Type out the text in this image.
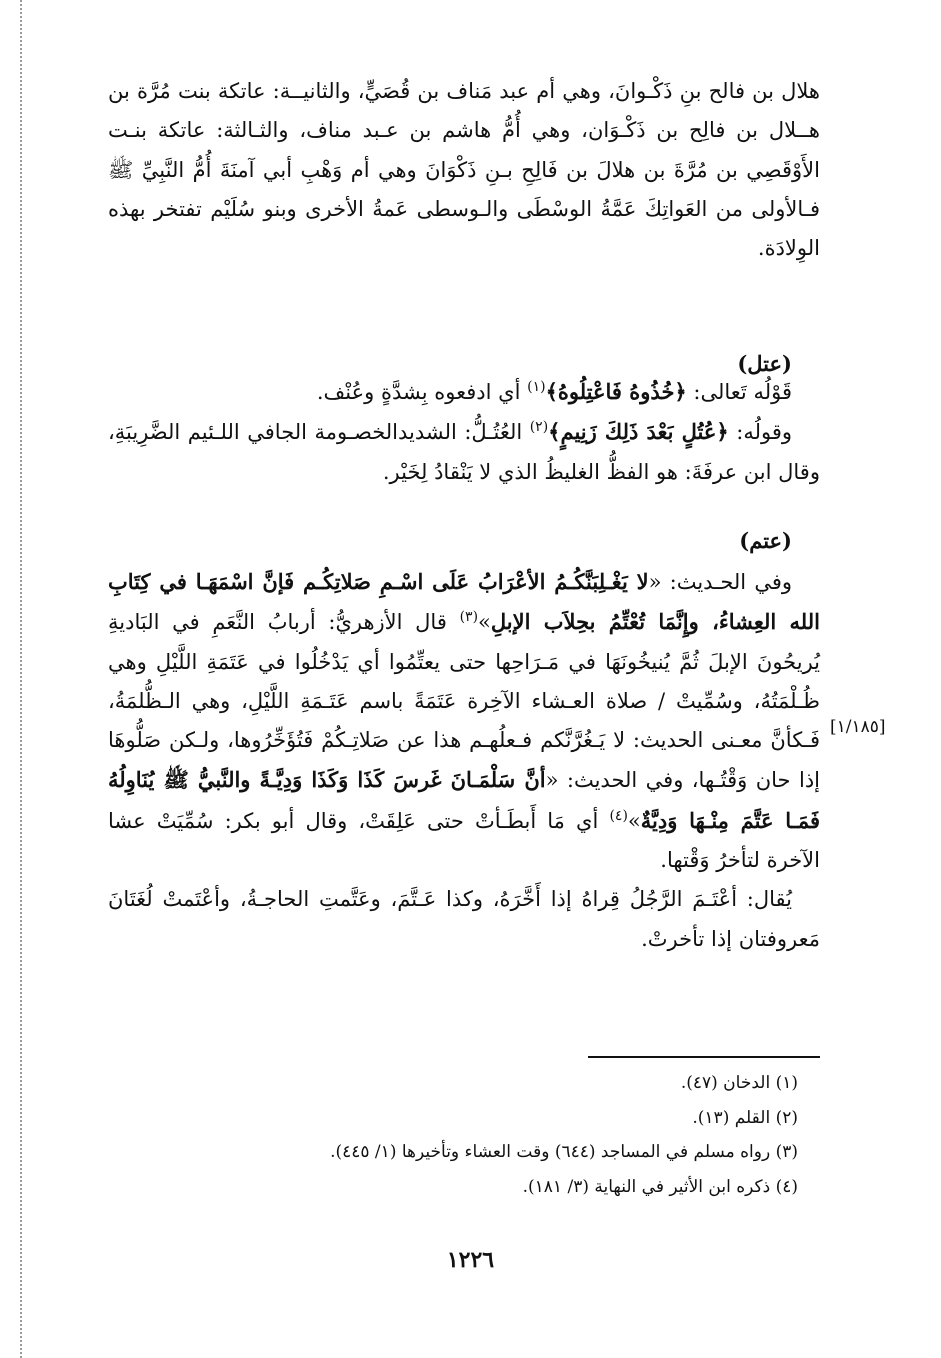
هلال بن فالح بنِ ذَكْـوانَ، وهي أم عبد مَناف بن قُصَيٍّ، والثانيــة: عاتكة بنت مُرَّة بن هــلال بن فالِح بن ذَكْـوَان، وهي أُمُّ هاشم بن عـبد مناف، والثـالثة: عاتكة بنـت الأَوْقَصِي بن مُرَّةَ بن هلالَ بن فَالِحِ بـنِ ذَكْوَانَ وهي أم وَهْبِ أبي آمنَةَ أُمُّ النَّبِيِّ ﷺ فـالأولى من العَواتِكَ عَمَّةُ الوسْطَى والـوسطى عَمةُ الأخرى وبنو سُلَيْم تفتخر بهذه الوِلادَة.

(عتل)

قَوْلُه تَعالى: ﴿خُذُوهُ فَاعْتِلُوهُ﴾$^{(١)}$ أي ادفعوه بِشدَّةٍ وعُنْف.

وقولُه: ﴿عُتُلٍ بَعْدَ ذَلِكَ زَنِيمٍ﴾$^{(٢)}$ العُتُـلُّ: الشديدالخصـومة الجافي اللـئيم الضَّرِيبَةِ، وقال ابن عرفَةَ: هو الفظُّ الغليظُ الذي لا يَنْقادُ لِخَيْر.

(عتم)

وفي الحـديث: «لا يَغْـلِبَنَّكُـمُ الأعْرَابُ عَلَى اسْـمِ صَلاتِكُـم فَإنَّ اسْمَهَـا في كِتَابِ الله العِشاءُ، وإِنَّمَا تُعْتِّمُ بحِلاَب الإبلِ»$^{(٣)}$ قال الأزهريُّ: أربابُ النَّعَمِ في البَاديةِ يُريحُونَ الإبلَ ثُمَّ يُنيخُونَهَا في مَـرَاحِها حتى يعتِّمُوا أي يَدْخُلُوا في عَتَمَةِ اللَّيْلِ وهي ظُـلْمَتُهُ، وسُمِّيتْ / صلاة العـشاء الآخِرة عَتَمَةً باسم عَتَـمَةِ اللَّيْلِ، وهي الـظُّلمَةُ، فَـكأنَّ معـنى الحديث: لا يَـغُرَّنَّكم فـعلُهـم هذا عن صَلاتِـكُمْ فَتُؤَخِّرُوها، ولـكن صَلُّوهَا إذا حان وَقْتُـها، وفي الحديث: «أنَّ سَلْمَـانَ غَرسَ كَذَا وَكَذَا وَدِيَّـةً والنَّبيُّ ﷺ يُنَاوِلُهُ فَمَـا عَتَّمَ مِنْـهَا وَدِيَّةٌ»$^{(٤)}$ أي مَا أَبطَـأتْ حتى عَلِقَتْ، وقال أبو بكر: سُمِّيَتْ عشا الآخرة لتأخرُ وَقْتها.

يُقال: أعْتَـمَ الرَّجُلُ قِراهُ إذا أَخَّرَهُ، وكذا عَـتَّمَ، وعَتَّمتِ الحاجـةُ، وأعْتَمتْ لُغَتَانَ مَعروفتان إذا تأخرتْ.

[١/١٨٥]
(١) الدخان (٤٧).
(٢) القلم (١٣).
(٣) رواه مسلم في المساجد (٦٤٤) وقت العشاء وتأخيرها (١/ ٤٤٥).
(٤) ذكره ابن الأثير في النهاية (٣/ ١٨١).
١٢٢٦
